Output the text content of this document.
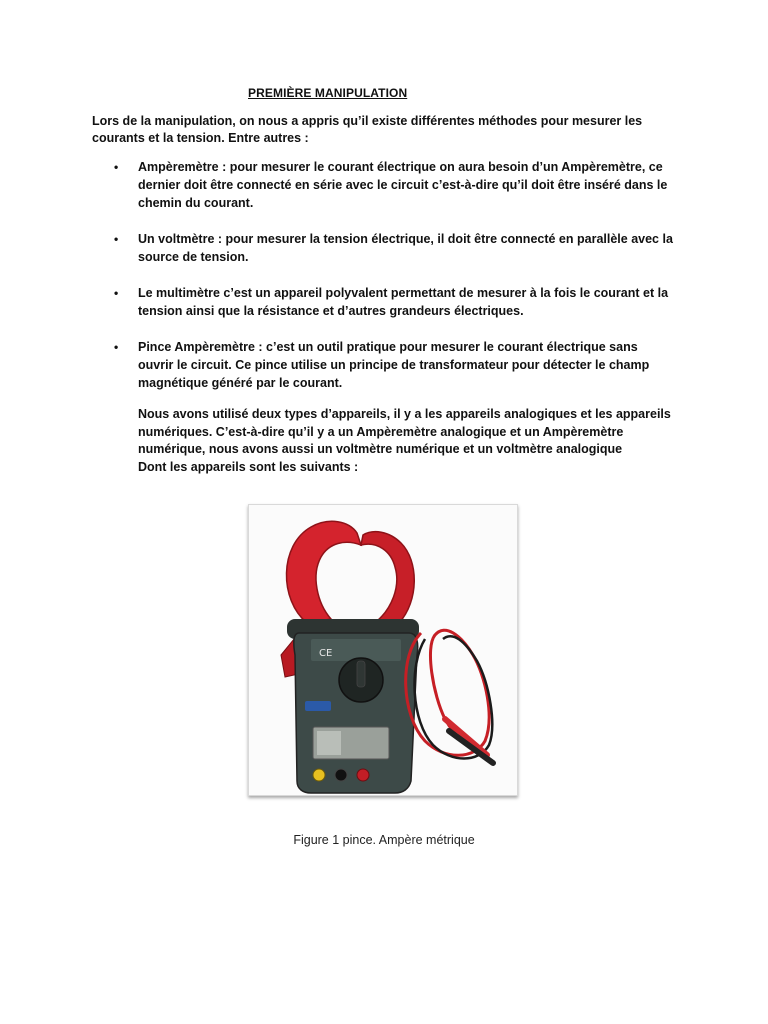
PREMIÈRE MANIPULATION
Lors de la manipulation, on nous a appris qu’il existe différentes méthodes pour mesurer les courants et la tension. Entre autres :
• Ampèremètre : pour mesurer le courant électrique on aura besoin d’un Ampèremètre, ce dernier doit être connecté en série avec le circuit c’est-à-dire qu’il doit être inséré dans le chemin du courant.
• Un voltmètre : pour mesurer la tension électrique, il doit être connecté en parallèle avec la source de tension.
• Le multimètre c’est un appareil polyvalent permettant de mesurer à la fois le courant et la tension ainsi que la résistance et d’autres grandeurs électriques.
• Pince Ampèremètre : c’est un outil pratique pour mesurer le courant électrique sans ouvrir le circuit. Ce pince utilise un principe de transformateur pour détecter le champ magnétique généré par le courant.
Nous avons utilisé deux types d’appareils, il y a les appareils analogiques et les appareils numériques. C’est-à-dire qu’il y a un Ampèremètre analogique et un Ampèremètre numérique, nous avons aussi un voltmètre numérique et un voltmètre analogique
Dont les appareils sont les suivants :
CE
Figure 1 pince. Ampère métrique
